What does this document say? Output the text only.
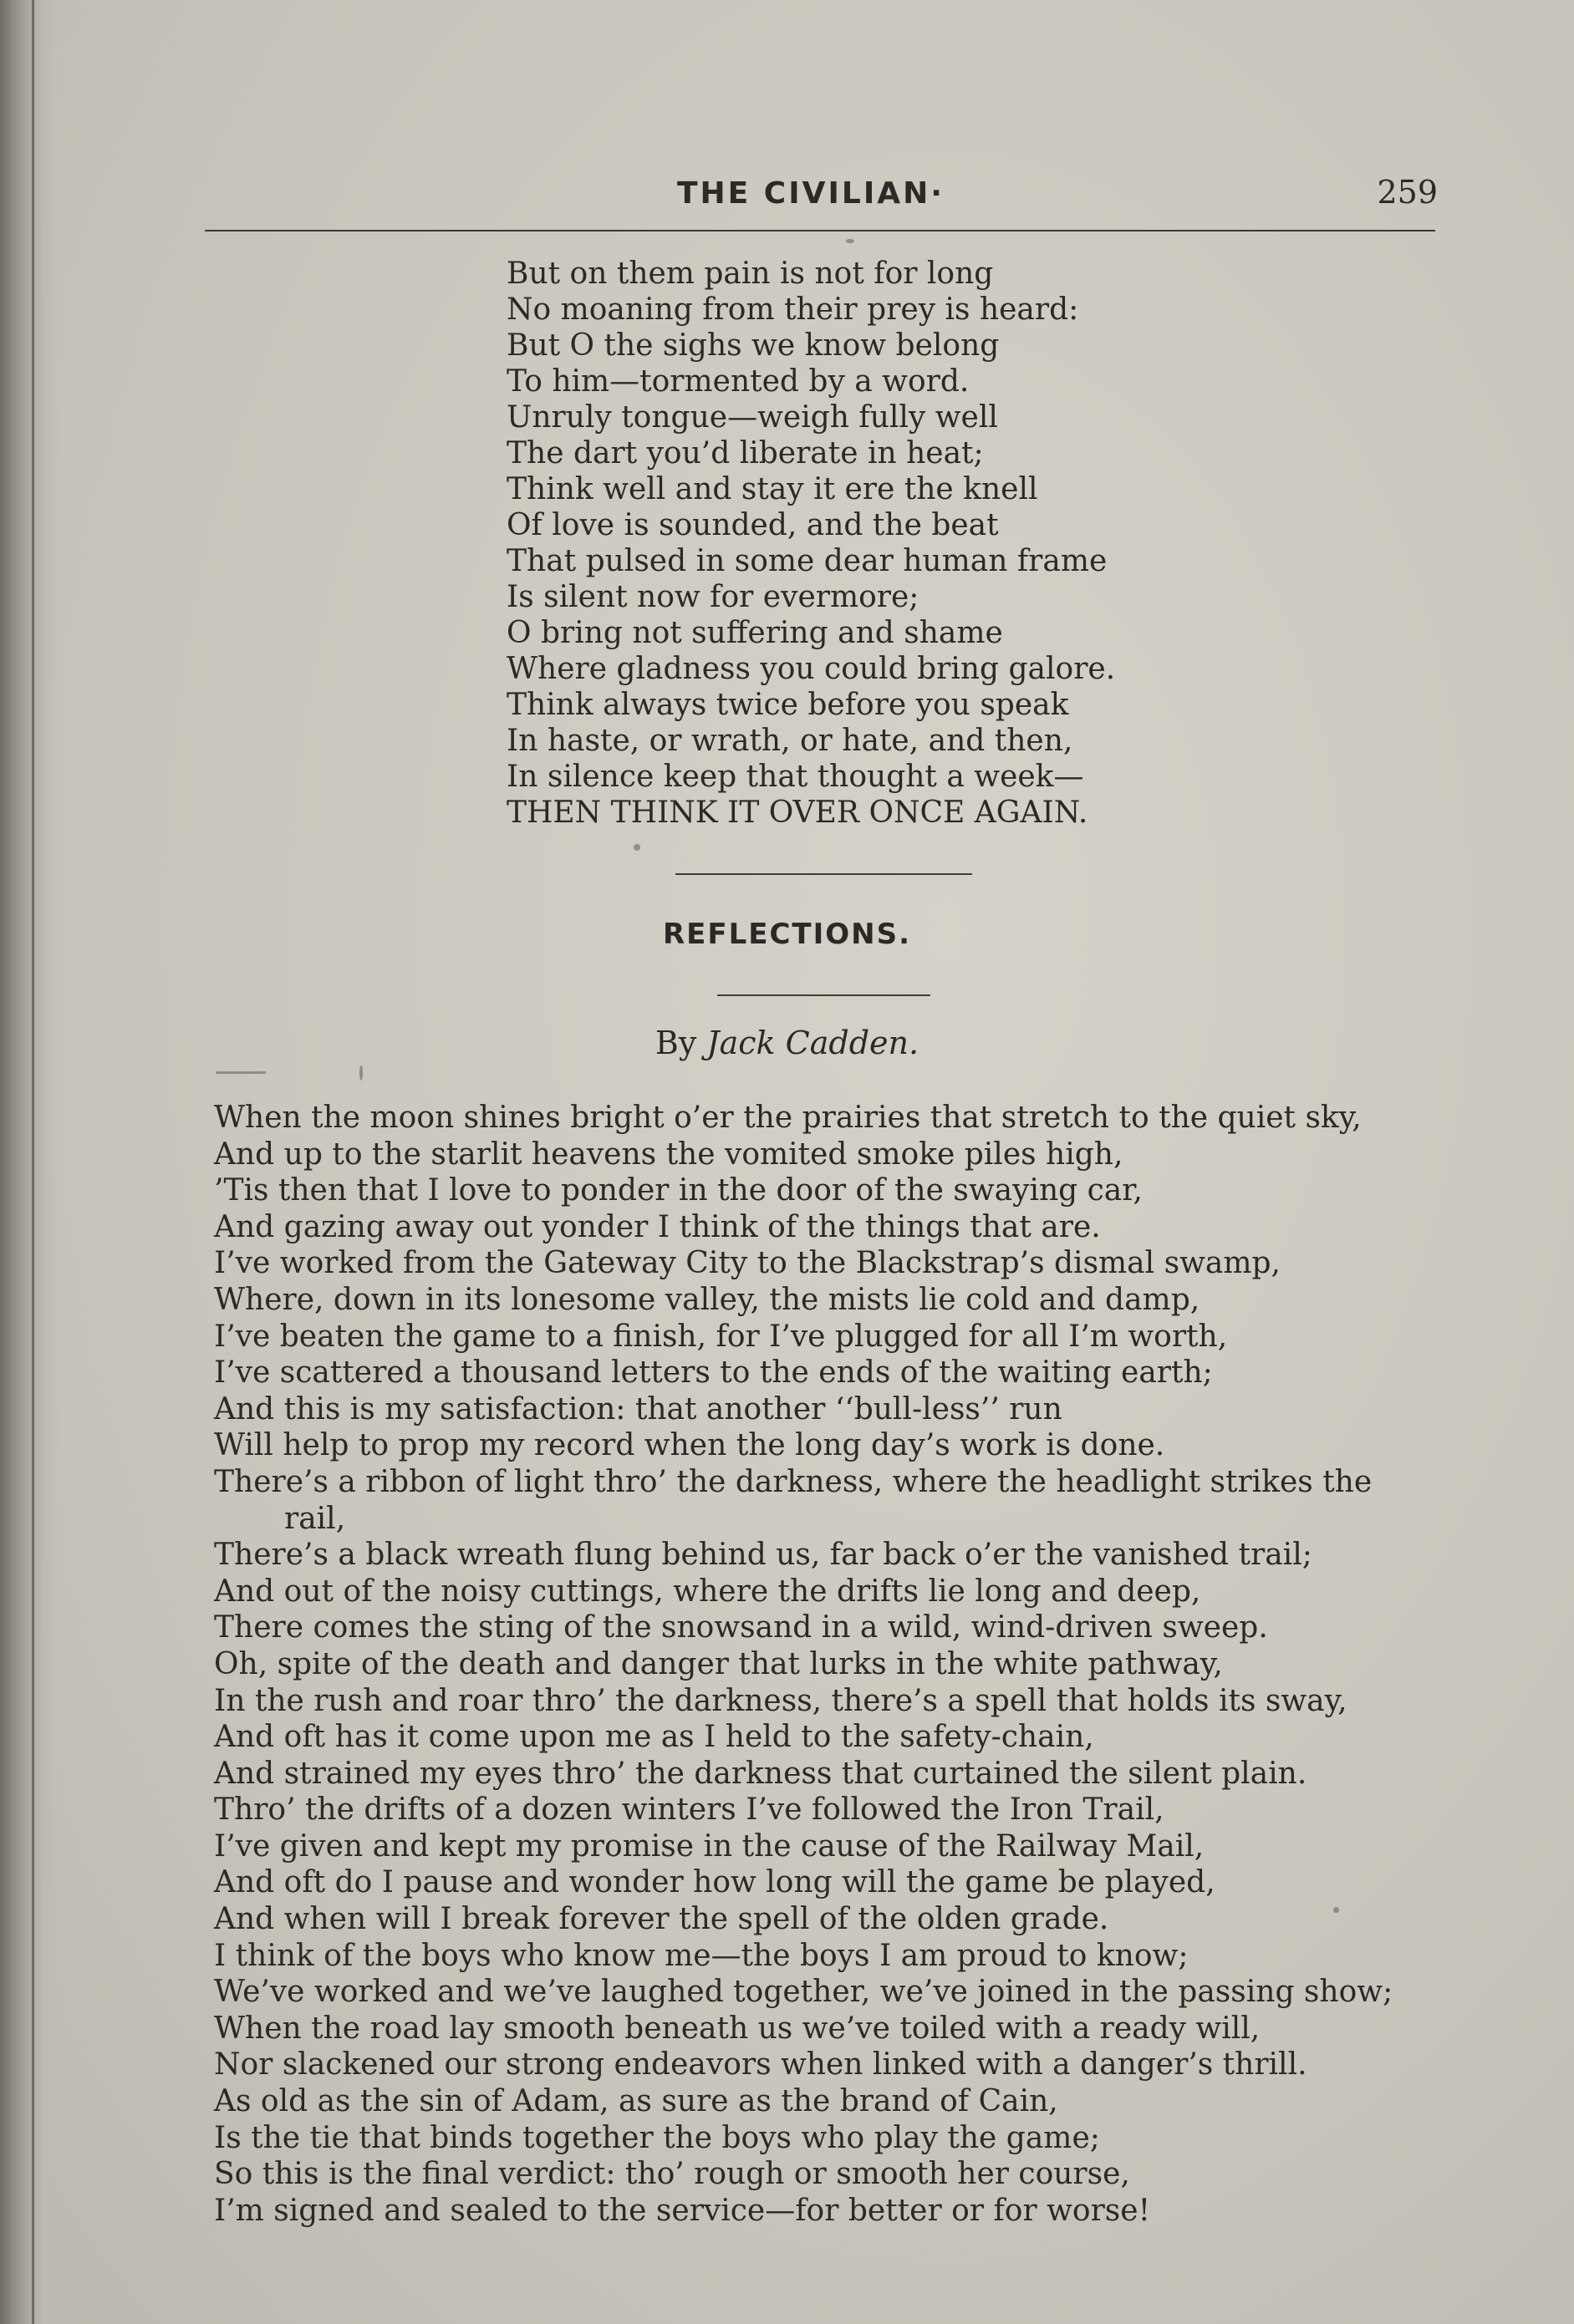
THE CIVILIAN·	259
But on them pain is not for long
No moaning from their prey is heard:
But O the sighs we know belong
To him—tormented by a word.
Unruly tongue—weigh fully well
The dart you’d liberate in heat;
Think well and stay it ere the knell
Of love is sounded, and the beat
That pulsed in some dear human frame
Is silent now for evermore;
O bring not suffering and shame
Where gladness you could bring galore.
Think always twice before you speak
In haste, or wrath, or hate, and then,
In silence keep that thought a week—
THEN THINK IT OVER ONCE AGAIN.
REFLECTIONS.
By Jack Cadden.
When the moon shines bright o’er the prairies that stretch to the quiet sky,
And up to the starlit heavens the vomited smoke piles high,
’Tis then that I love to ponder in the door of the swaying car,
And gazing away out yonder I think of the things that are.
I’ve worked from the Gateway City to the Blackstrap’s dismal swamp,
Where, down in its lonesome valley, the mists lie cold and damp,
I’ve beaten the game to a finish, for I’ve plugged for all I’m worth,
I’ve scattered a thousand letters to the ends of the waiting earth;
And this is my satisfaction: that another ‘‘bull-less’’ run
Will help to prop my record when the long day’s work is done.
There’s a ribbon of light thro’ the darkness, where the headlight strikes the
rail,
There’s a black wreath flung behind us, far back o’er the vanished trail;
And out of the noisy cuttings, where the drifts lie long and deep,
There comes the sting of the snowsand in a wild, wind-driven sweep.
Oh, spite of the death and danger that lurks in the white pathway,
In the rush and roar thro’ the darkness, there’s a spell that holds its sway,
And oft has it come upon me as I held to the safety-chain,
And strained my eyes thro’ the darkness that curtained the silent plain.
Thro’ the drifts of a dozen winters I’ve followed the Iron Trail,
I’ve given and kept my promise in the cause of the Railway Mail,
And oft do I pause and wonder how long will the game be played,
And when will I break forever the spell of the olden grade.
I think of the boys who know me—the boys I am proud to know;
We’ve worked and we’ve laughed together, we’ve joined in the passing show;
When the road lay smooth beneath us we’ve toiled with a ready will,
Nor slackened our strong endeavors when linked with a danger’s thrill.
As old as the sin of Adam, as sure as the brand of Cain,
Is the tie that binds together the boys who play the game;
So this is the final verdict: tho’ rough or smooth her course,
I’m signed and sealed to the service—for better or for worse!
